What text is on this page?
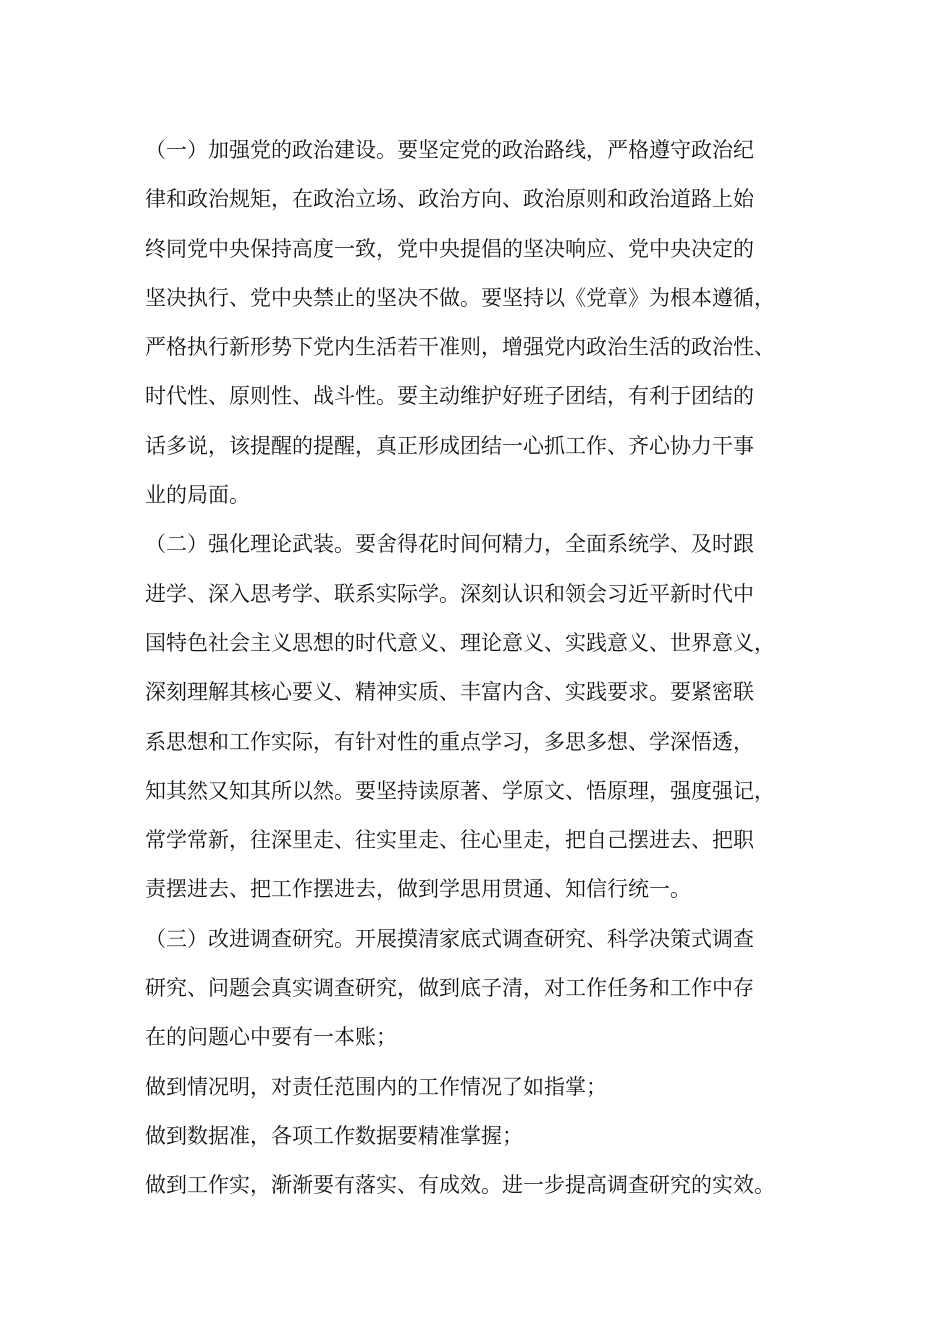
（一）加强党的政治建设。要坚定党的政治路线，严格遵守政治纪
律和政治规矩，在政治立场、政治方向、政治原则和政治道路上始
终同党中央保持高度一致，党中央提倡的坚决响应、党中央决定的
坚决执行、党中央禁止的坚决不做。要坚持以《党章》为根本遵循，
严格执行新形势下党内生活若干准则，增强党内政治生活的政治性、
时代性、原则性、战斗性。要主动维护好班子团结，有利于团结的
话多说，该提醒的提醒，真正形成团结一心抓工作、齐心协力干事
业的局面。
（二）强化理论武装。要舍得花时间何精力，全面系统学、及时跟
进学、深入思考学、联系实际学。深刻认识和领会习近平新时代中
国特色社会主义思想的时代意义、理论意义、实践意义、世界意义，
深刻理解其核心要义、精神实质、丰富内含、实践要求。要紧密联
系思想和工作实际，有针对性的重点学习，多思多想、学深悟透，
知其然又知其所以然。要坚持读原著、学原文、悟原理，强度强记，
常学常新，往深里走、往实里走、往心里走，把自己摆进去、把职
责摆进去、把工作摆进去，做到学思用贯通、知信行统一。
（三）改进调查研究。开展摸清家底式调查研究、科学决策式调查
研究、问题会真实调查研究，做到底子清，对工作任务和工作中存
在的问题心中要有一本账；
做到情况明，对责任范围内的工作情况了如指掌；
做到数据准，各项工作数据要精准掌握；
做到工作实，渐渐要有落实、有成效。进一步提高调查研究的实效。
